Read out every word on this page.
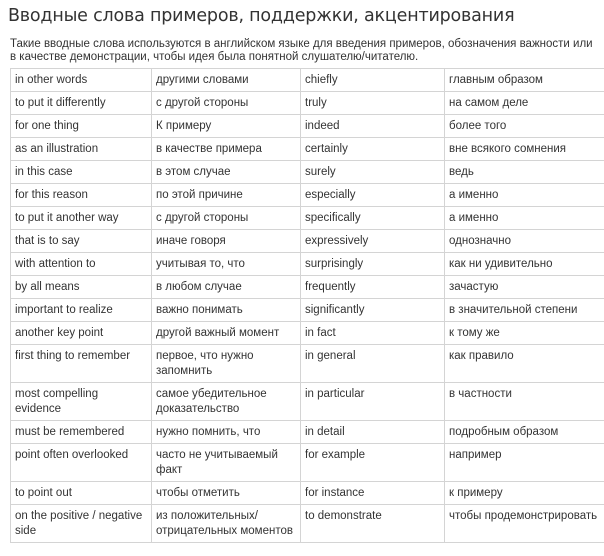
Вводные слова примеров, поддержки, акцентирования

Такие вводные слова используются в английском языке для введения примеров, обозначения важности или в качестве демонстрации, чтобы идея была понятной слушателю/читателю.

in other words	другими словами	chiefly	главным образом
to put it differently	с другой стороны	truly	на самом деле
for one thing	К примеру	indeed	более того
as an illustration	в качестве примера	certainly	вне всякого сомнения
in this case	в этом случае	surely	ведь
for this reason	по этой причине	especially	а именно
to put it another way	с другой стороны	specifically	а именно
that is to say	иначе говоря	expressively	однозначно
with attention to	учитывая то, что	surprisingly	как ни удивительно
by all means	в любом случае	frequently	зачастую
important to realize	важно понимать	significantly	в значительной степени
another key point	другой важный момент	in fact	к тому же
first thing to remember	первое, что нужно запомнить	in general	как правило
most compelling evidence	самое убедительное доказательство	in particular	в частности
must be remembered	нужно помнить, что	in detail	подробным образом
point often overlooked	часто не учитываемый факт	for example	например
to point out	чтобы отметить	for instance	к примеру
on the positive / negative side	из положительных/ отрицательных моментов	to demonstrate	чтобы продемонстрировать
